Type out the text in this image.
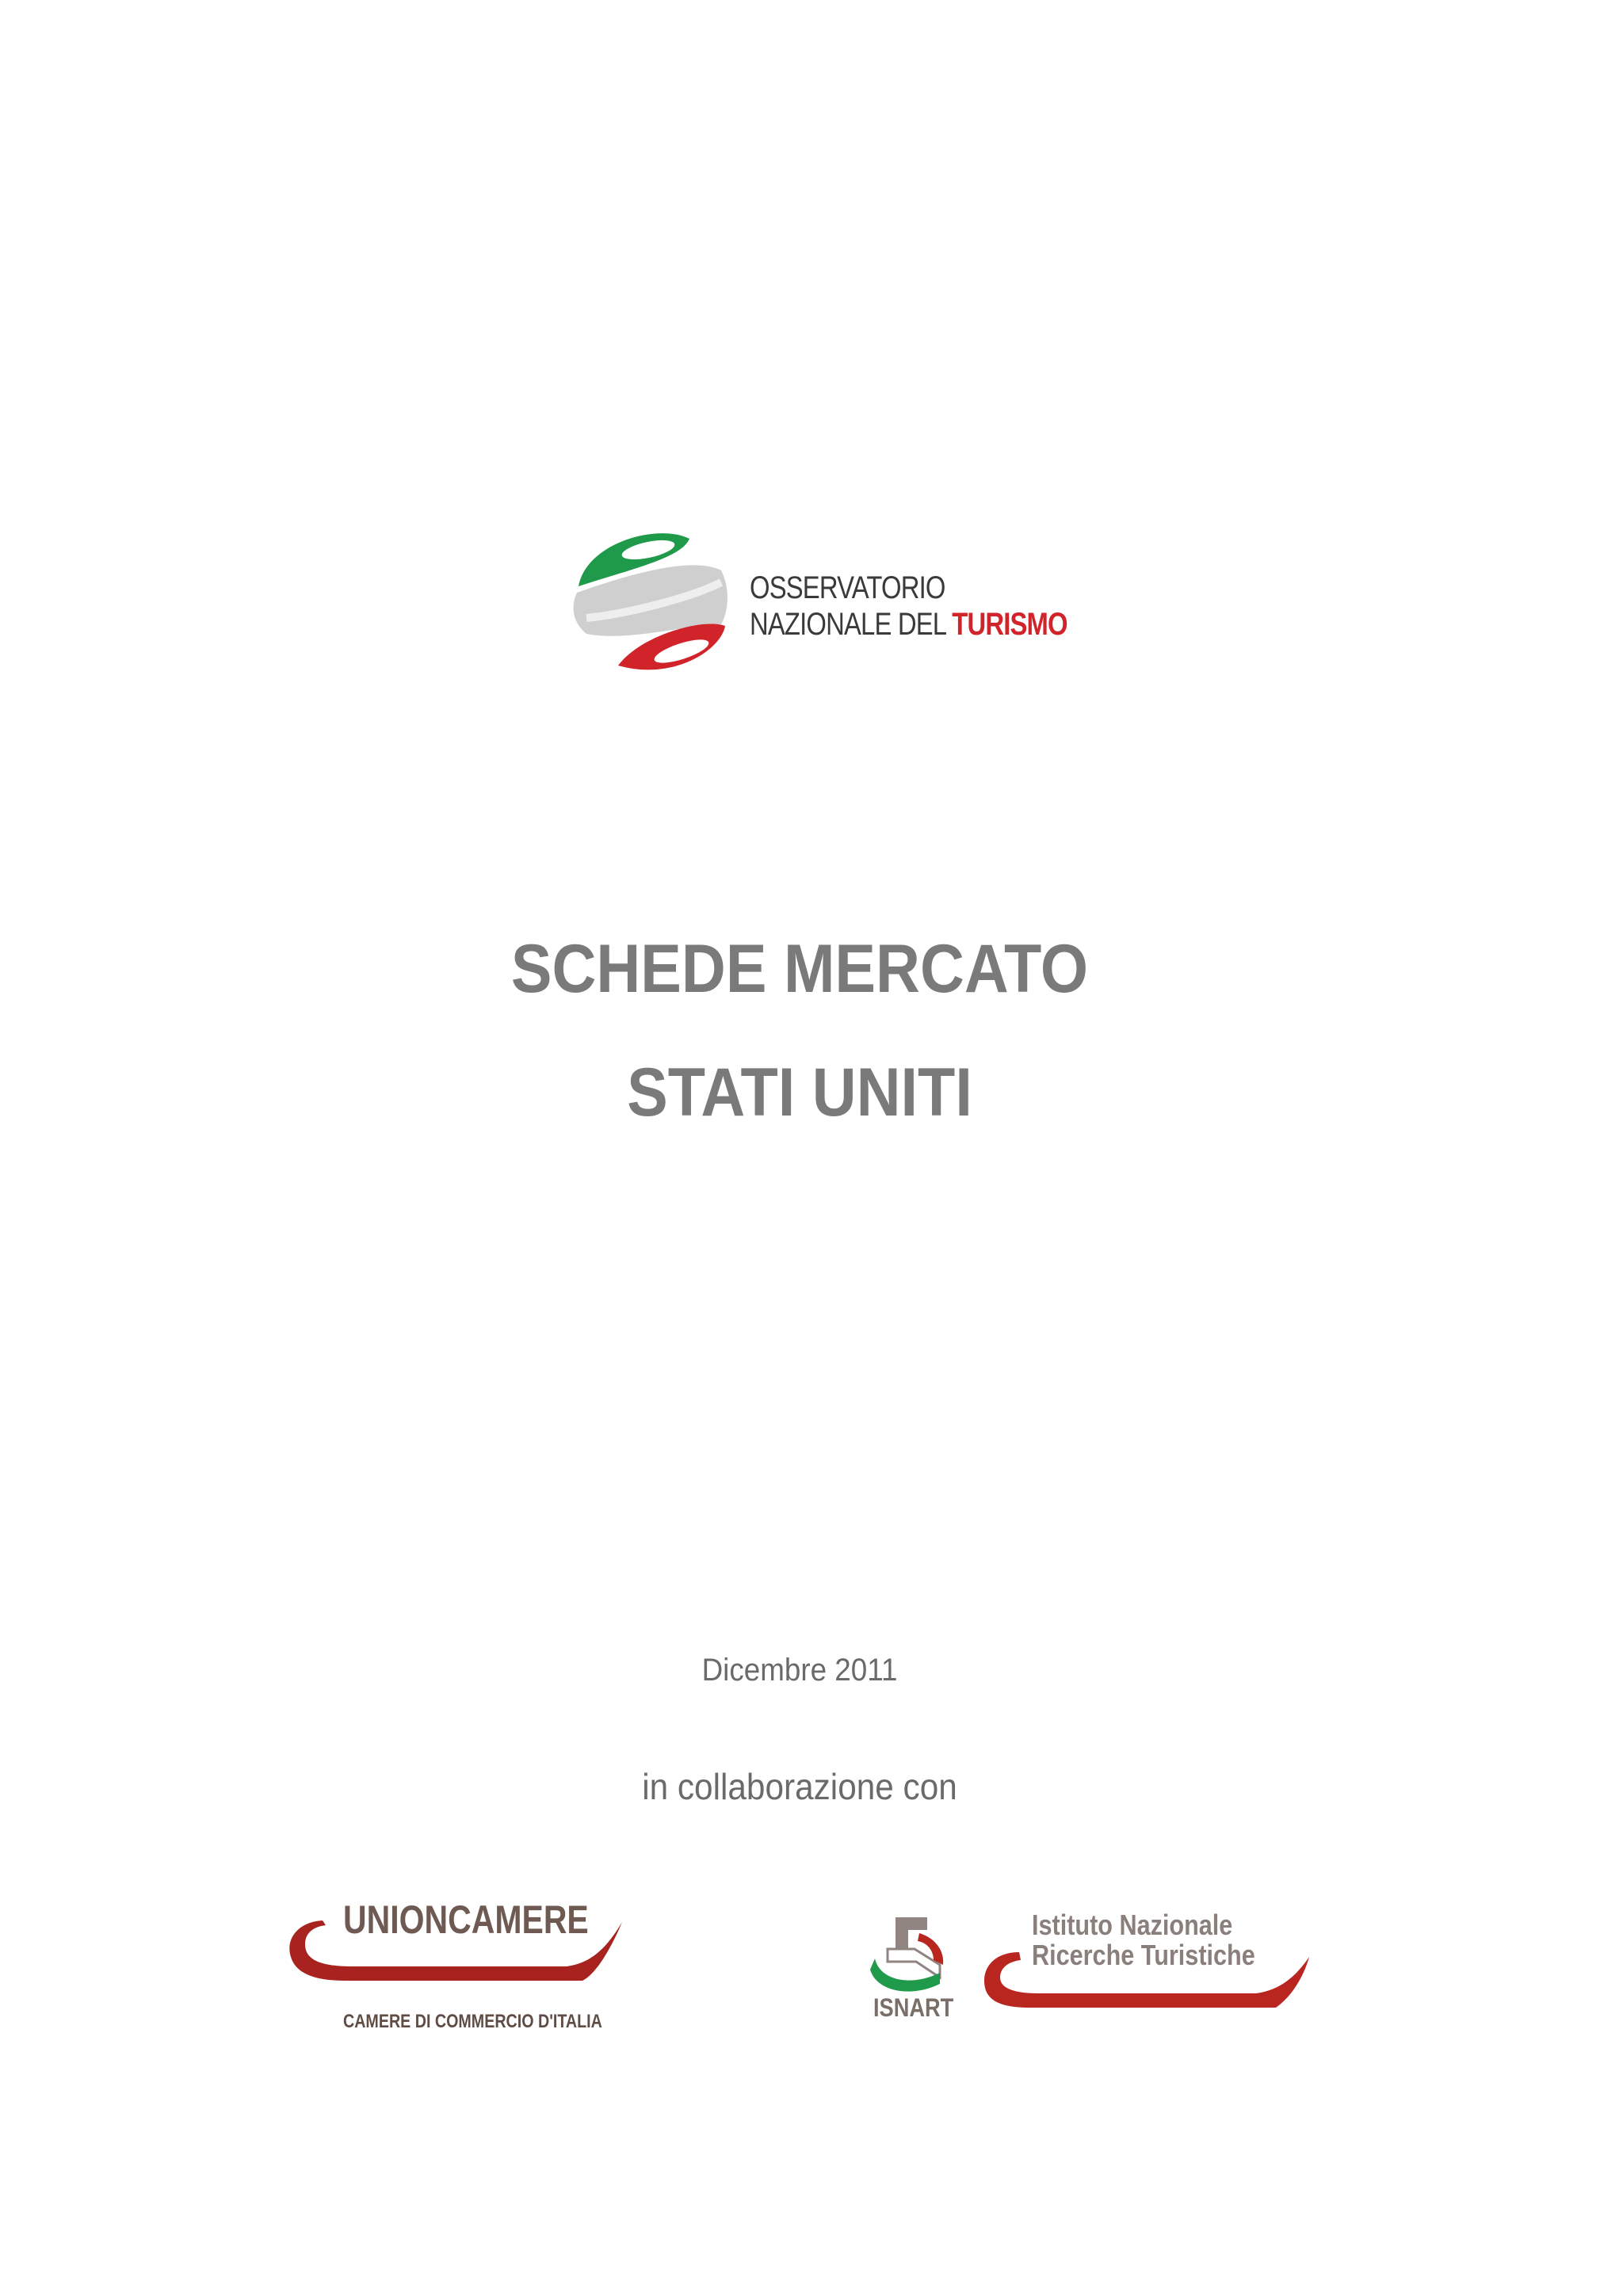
OSSERVATORIO
NAZIONALE DEL TURISMO
SCHEDE MERCATO
STATI UNITI
Dicembre 2011
in collaborazione con
UNIONCAMERE
CAMERE DI COMMERCIO D'ITALIA	ISNART
Istituto Nazionale
Ricerche Turistiche
